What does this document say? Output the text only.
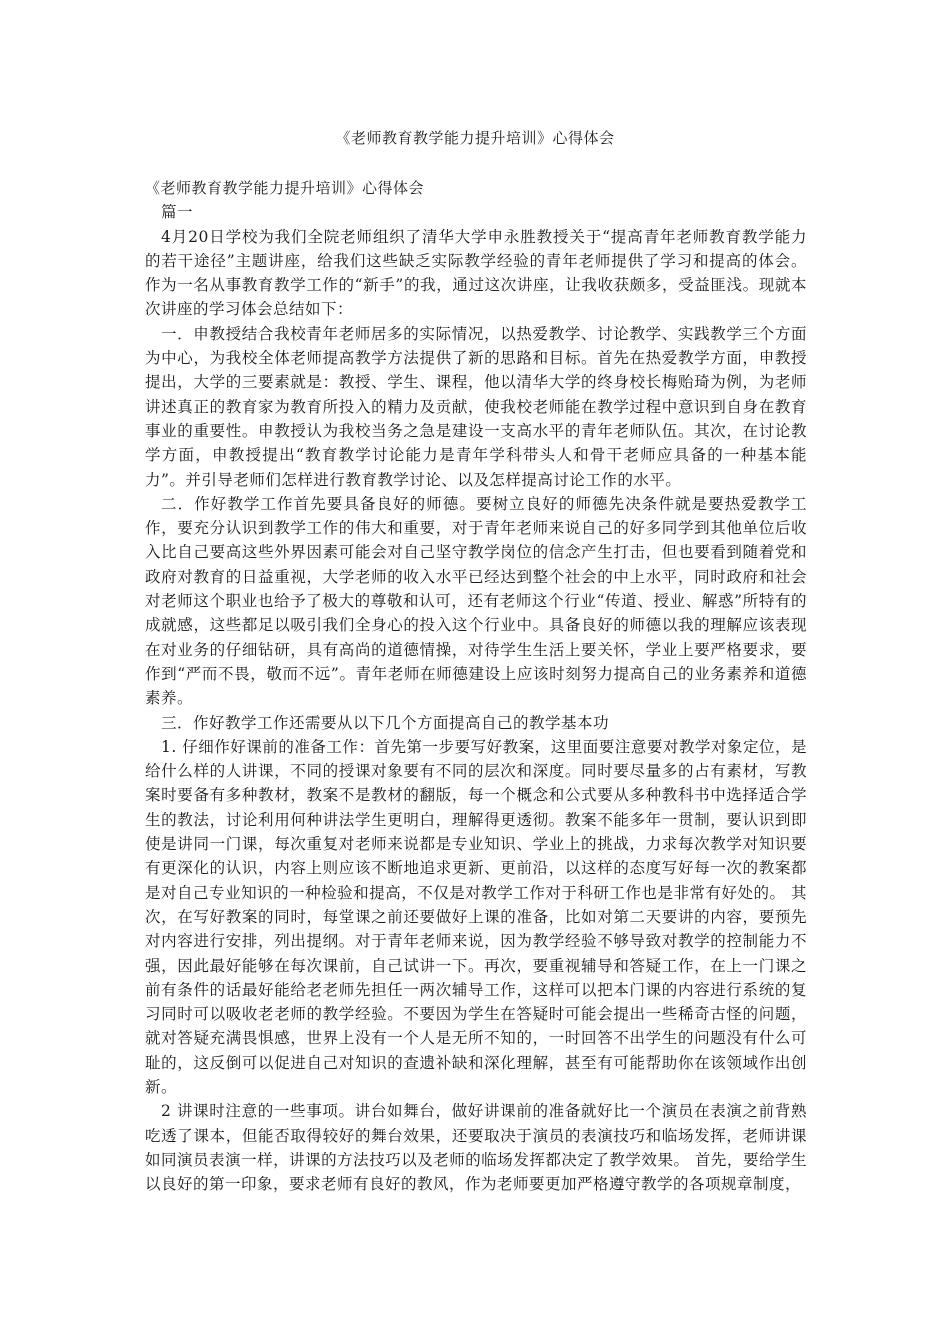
《老师教育教学能力提升培训》心得体会

《老师教育教学能力提升培训》心得体会

篇一

4月20日学校为我们全院老师组织了清华大学申永胜教授关于“提高青年老师教育教学能力的若干途径”主题讲座，给我们这些缺乏实际教学经验的青年老师提供了学习和提高的体会。作为一名从事教育教学工作的“新手”的我，通过这次讲座，让我收获颇多，受益匪浅。现就本次讲座的学习体会总结如下：

一．申教授结合我校青年老师居多的实际情况，以热爱教学、讨论教学、实践教学三个方面为中心，为我校全体老师提高教学方法提供了新的思路和目标。首先在热爱教学方面，申教授提出，大学的三要素就是：教授、学生、课程，他以清华大学的终身校长梅贻琦为例，为老师讲述真正的教育家为教育所投入的精力及贡献，使我校老师能在教学过程中意识到自身在教育事业的重要性。申教授认为我校当务之急是建设一支高水平的青年老师队伍。其次，在讨论教学方面，申教授提出“教育教学讨论能力是青年学科带头人和骨干老师应具备的一种基本能力”。并引导老师们怎样进行教育教学讨论、以及怎样提高讨论工作的水平。

二．作好教学工作首先要具备良好的师德。要树立良好的师德先决条件就是要热爱教学工作，要充分认识到教学工作的伟大和重要，对于青年老师来说自己的好多同学到其他单位后收入比自己要高这些外界因素可能会对自己坚守教学岗位的信念产生打击，但也要看到随着党和政府对教育的日益重视，大学老师的收入水平已经达到整个社会的中上水平，同时政府和社会对老师这个职业也给予了极大的尊敬和认可，还有老师这个行业“传道、授业、解惑”所特有的成就感，这些都足以吸引我们全身心的投入这个行业中。具备良好的师德以我的理解应该表现在对业务的仔细钻研，具有高尚的道德情操，对待学生生活上要关怀，学业上要严格要求，要作到“严而不畏，敬而不远”。青年老师在师德建设上应该时刻努力提高自己的业务素养和道德素养。

三．作好教学工作还需要从以下几个方面提高自己的教学基本功

1. 仔细作好课前的准备工作：首先第一步要写好教案，这里面要注意要对教学对象定位，是给什么样的人讲课，不同的授课对象要有不同的层次和深度。同时要尽量多的占有素材，写教案时要备有多种教材，教案不是教材的翻版，每一个概念和公式要从多种教科书中选择适合学生的教法，讨论利用何种讲法学生更明白，理解得更透彻。教案不能多年一贯制，要认识到即使是讲同一门课，每次重复对老师来说都是专业知识、学业上的挑战，力求每次教学对知识要有更深化的认识，内容上则应该不断地追求更新、更前沿，以这样的态度写好每一次的教案都是对自己专业知识的一种检验和提高，不仅是对教学工作对于科研工作也是非常有好处的。 其次，在写好教案的同时，每堂课之前还要做好上课的准备，比如对第二天要讲的内容，要预先对内容进行安排，列出提纲。对于青年老师来说，因为教学经验不够导致对教学的控制能力不强，因此最好能够在每次课前，自己试讲一下。再次，要重视辅导和答疑工作，在上一门课之前有条件的话最好能给老老师先担任一两次辅导工作，这样可以把本门课的内容进行系统的复习同时可以吸收老老师的教学经验。不要因为学生在答疑时可能会提出一些稀奇古怪的问题，就对答疑充满畏惧感，世界上没有一个人是无所不知的，一时回答不出学生的问题没有什么可耻的，这反倒可以促进自己对知识的查遗补缺和深化理解，甚至有可能帮助你在该领域作出创新。

2 讲课时注意的一些事项。讲台如舞台，做好讲课前的准备就好比一个演员在表演之前背熟吃透了课本，但能否取得较好的舞台效果，还要取决于演员的表演技巧和临场发挥，老师讲课如同演员表演一样，讲课的方法技巧以及老师的临场发挥都决定了教学效果。 首先，要给学生以良好的第一印象，要求老师有良好的教风，作为老师要更加严格遵守教学的各项规章制度，
